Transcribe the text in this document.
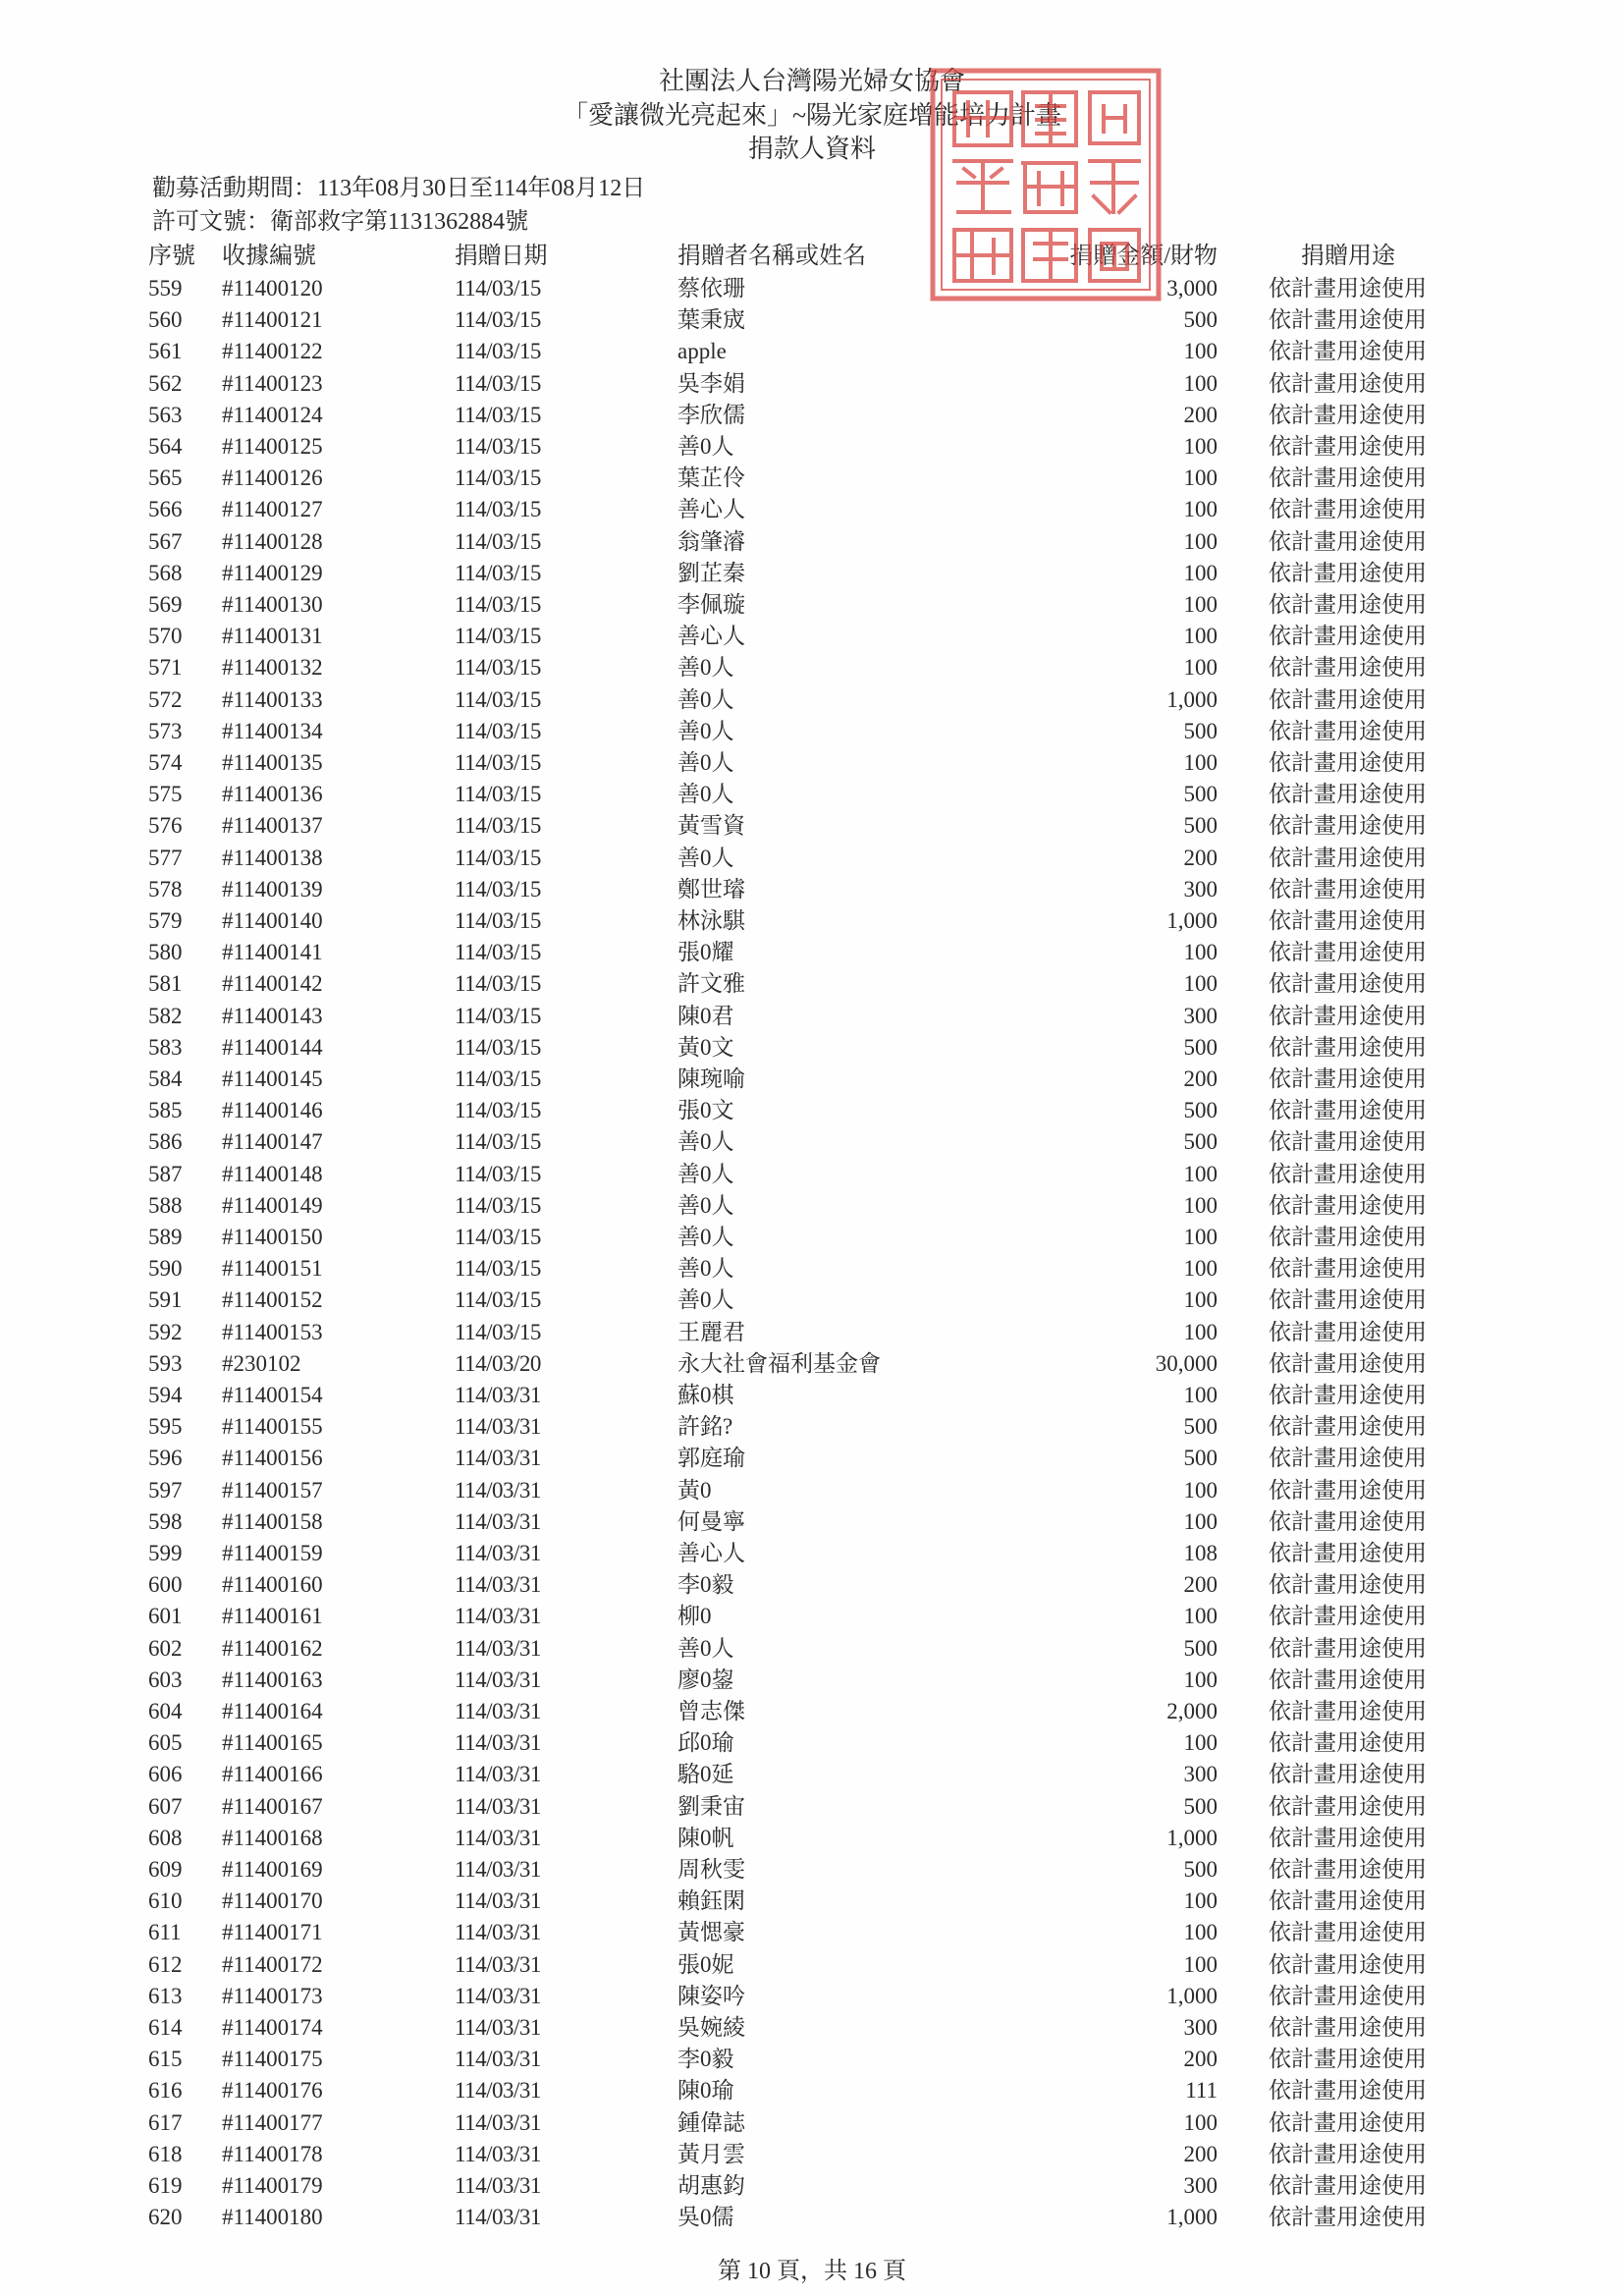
社團法人台灣陽光婦女協會
「愛讓微光亮起來」~陽光家庭增能培力計畫
捐款人資料
勸募活動期間：113年08月30日至114年08月12日
許可文號：衛部救字第1131362884號
序號 收據編號	捐贈日期	捐贈者名稱或姓名	捐贈金額/財物	捐贈用途
559 #11400120	114/03/15	蔡依珊	3,000 依計畫用途使用
560 #11400121	114/03/15	葉秉宬	500 依計畫用途使用
561 #11400122	114/03/15	apple	100 依計畫用途使用
562 #11400123	114/03/15	吳李娟	100 依計畫用途使用
563 #11400124	114/03/15	李欣儒	200 依計畫用途使用
564 #11400125	114/03/15	善0人	100 依計畫用途使用
565 #11400126	114/03/15	葉芷伶	100 依計畫用途使用
566 #11400127	114/03/15	善心人	100 依計畫用途使用
567 #11400128	114/03/15	翁肇濬	100 依計畫用途使用
568 #11400129	114/03/15	劉芷秦	100 依計畫用途使用
569 #11400130	114/03/15	李佩璇	100 依計畫用途使用
570 #11400131	114/03/15	善心人	100 依計畫用途使用
571 #11400132	114/03/15	善0人	100 依計畫用途使用
572 #11400133	114/03/15	善0人	1,000 依計畫用途使用
573 #11400134	114/03/15	善0人	500 依計畫用途使用
574 #11400135	114/03/15	善0人	100 依計畫用途使用
575 #11400136	114/03/15	善0人	500 依計畫用途使用
576 #11400137	114/03/15	黃雪資	500 依計畫用途使用
577 #11400138	114/03/15	善0人	200 依計畫用途使用
578 #11400139	114/03/15	鄭世璿	300 依計畫用途使用
579 #11400140	114/03/15	林泳騏	1,000 依計畫用途使用
580 #11400141	114/03/15	張0耀	100 依計畫用途使用
581 #11400142	114/03/15	許文雅	100 依計畫用途使用
582 #11400143	114/03/15	陳0君	300 依計畫用途使用
583 #11400144	114/03/15	黃0文	500 依計畫用途使用
584 #11400145	114/03/15	陳琬喻	200 依計畫用途使用
585 #11400146	114/03/15	張0文	500 依計畫用途使用
586 #11400147	114/03/15	善0人	500 依計畫用途使用
587 #11400148	114/03/15	善0人	100 依計畫用途使用
588 #11400149	114/03/15	善0人	100 依計畫用途使用
589 #11400150	114/03/15	善0人	100 依計畫用途使用
590 #11400151	114/03/15	善0人	100 依計畫用途使用
591 #11400152	114/03/15	善0人	100 依計畫用途使用
592 #11400153	114/03/15	王麗君	100 依計畫用途使用
593 #230102	114/03/20	永大社會福利基金會	30,000 依計畫用途使用
594 #11400154	114/03/31	蘇0棋	100 依計畫用途使用
595 #11400155	114/03/31	許銘?	500 依計畫用途使用
596 #11400156	114/03/31	郭庭瑜	500 依計畫用途使用
597 #11400157	114/03/31	黃0	100 依計畫用途使用
598 #11400158	114/03/31	何曼寧	100 依計畫用途使用
599 #11400159	114/03/31	善心人	108 依計畫用途使用
600 #11400160	114/03/31	李0毅	200 依計畫用途使用
601 #11400161	114/03/31	柳0	100 依計畫用途使用
602 #11400162	114/03/31	善0人	500 依計畫用途使用
603 #11400163	114/03/31	廖0鋆	100 依計畫用途使用
604 #11400164	114/03/31	曾志傑	2,000 依計畫用途使用
605 #11400165	114/03/31	邱0瑜	100 依計畫用途使用
606 #11400166	114/03/31	駱0延	300 依計畫用途使用
607 #11400167	114/03/31	劉秉宙	500 依計畫用途使用
608 #11400168	114/03/31	陳0帆	1,000 依計畫用途使用
609 #11400169	114/03/31	周秋雯	500 依計畫用途使用
610 #11400170	114/03/31	賴鈺閑	100 依計畫用途使用
611 #11400171	114/03/31	黃愢豪	100 依計畫用途使用
612 #11400172	114/03/31	張0妮	100 依計畫用途使用
613 #11400173	114/03/31	陳姿吟	1,000 依計畫用途使用
614 #11400174	114/03/31	吳婉綾	300 依計畫用途使用
615 #11400175	114/03/31	李0毅	200 依計畫用途使用
616 #11400176	114/03/31	陳0瑜	111 依計畫用途使用
617 #11400177	114/03/31	鍾偉誌	100 依計畫用途使用
618 #11400178	114/03/31	黃月雲	200 依計畫用途使用
619 #11400179	114/03/31	胡惠鈞	300 依計畫用途使用
620 #11400180	114/03/31	吳0儒	1,000 依計畫用途使用
第 10 頁，共 16 頁
